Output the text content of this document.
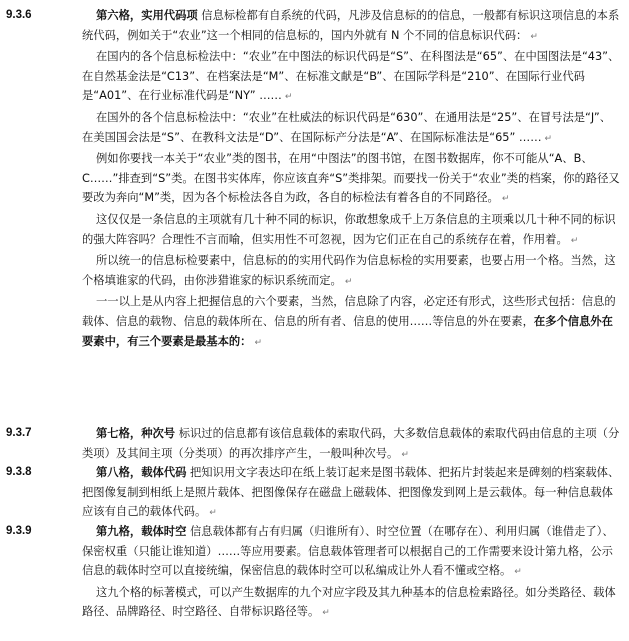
9.3.6	第六格，实用代码项 信息标检都有自系统的代码，凡涉及信息标的的信息，一般都有标识这项信息的本系统代码，例如关于“农业”这一个相同的信息标的，国内外就有 N 个不同的信息标识代码： ↵

在国内的各个信息标检法中：“农业”在中图法的标识代码是“S”、在科图法是“65”、在中国图法是“43”、在自然基金法是“C13”、在档案法是“M”、在标准文献是“B”、在国际学科是“210”、在国际行业代码是“A01”、在行业标准代码是“NY” …… ↵

在国外的各个信息标检法中：“农业”在杜威法的标识代码是“630”、在通用法是“25”、在冒号法是“J”、在美国国会法是“S”、在教科文法是“D”、在国际标产分法是“A”、在国际标准法是“65” …… ↵

例如你要找一本关于“农业”类的图书，在用“中图法”的图书馆，在图书数据库，你不可能从“A、B、C……”排查到“S”类。在图书实体库，你应该直奔“S”类排架。而要找一份关于“农业”类的档案，你的路径又要改为奔向“M”类，因为各个标检法各自为政，各自的标检法有着各自的不同路径。 ↵

这仅仅是一条信息的主项就有几十种不同的标识，你敢想象成千上万条信息的主项乘以几十种不同的标识的强大阵容吗？合理性不言而喻，但实用性不可忽视，因为它们正在自己的系统存在着，作用着。 ↵

所以统一的信息标检要素中，信息标的的实用代码作为信息标检的实用要素，也要占用一个格。当然，这个格填谁家的代码，由你涉猎谁家的标识系统而定。 ↵

一一以上是从内容上把握信息的六个要素，当然，信息除了内容，必定还有形式，这些形式包括：信息的载体、信息的载物、信息的载体所在、信息的所有者、信息的使用……等信息的外在要素，在多个信息外在要素中，有三个要素是最基本的： ↵

9.3.7	第七格，种次号 标识过的信息都有该信息载体的索取代码，大多数信息载体的索取代码由信息的主项（分类项）及其间主项（分类项）的再次排序产生，一般叫种次号。 ↵

9.3.8	第八格，载体代码 把知识用文字表达印在纸上装订起来是图书载体、把拓片封装起来是碑刻的档案载体、把图像复制到相纸上是照片载体、把图像保存在磁盘上磁载体、把图像发到网上是云载体。每一种信息载体应该有自己的载体代码。 ↵

9.3.9	第九格，载体时空 信息载体都有占有归属（归谁所有）、时空位置（在哪存在）、利用归属（谁借走了）、保密权重（只能让谁知道）……等应用要素。信息载体管理者可以根据自己的工作需要来设计第九格，公示信息的载体时空可以直接统编，保密信息的载体时空可以私编成让外人看不懂或空格。 ↵

这九个格的标著模式，可以产生数据库的九个对应字段及其九种基本的信息检索路径。如分类路径、载体路径、品牌路径、时空路径、自带标识路径等。 ↵
